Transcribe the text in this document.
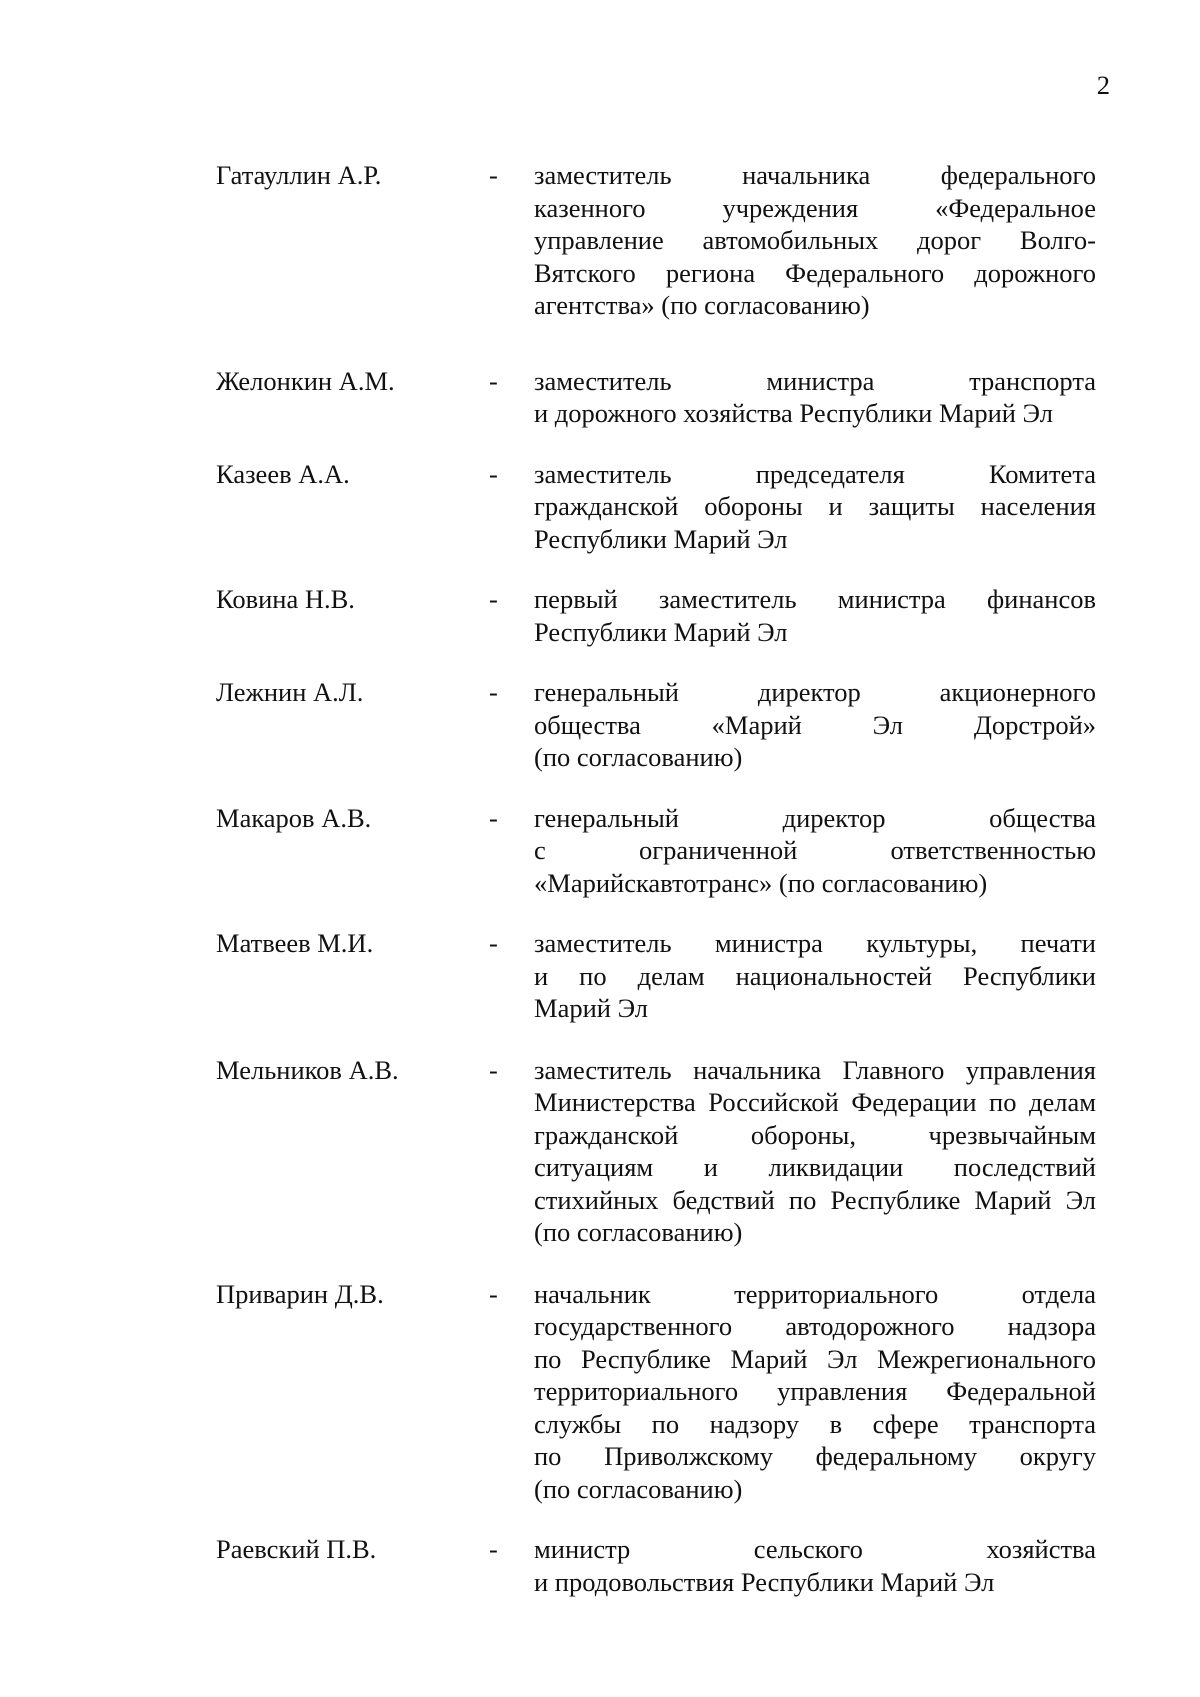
2
Гатауллин А.Р.	-	заместитель начальника федерального
казенного учреждения «Федеральное
управление автомобильных дорог Волго-
Вятского региона Федерального дорожного
агентства» (по согласованию)
Желонкин А.М.	-	заместитель министра транспорта
и дорожного хозяйства Республики Марий Эл
Казеев А.А.	-	заместитель председателя Комитета
гражданской обороны и защиты населения
Республики Марий Эл
Ковина Н.В.	-	первый заместитель министра финансов
Республики Марий Эл
Лежнин А.Л.	-	генеральный директор акционерного
общества «Марий Эл Дорстрой»
(по согласованию)
Макаров А.В.	-	генеральный директор общества
с ограниченной ответственностью
«Марийскавтотранс» (по согласованию)
Матвеев М.И.	-	заместитель министра культуры, печати
и по делам национальностей Республики
Марий Эл
Мельников А.В.	-	заместитель начальника Главного управления
Министерства Российской Федерации по делам
гражданской обороны, чрезвычайным
ситуациям и ликвидации последствий
стихийных бедствий по Республике Марий Эл
(по согласованию)
Приварин Д.В.	-	начальник территориального отдела
государственного автодорожного надзора
по Республике Марий Эл Межрегионального
территориального управления Федеральной
службы по надзору в сфере транспорта
по Приволжскому федеральному округу
(по согласованию)
Раевский П.В.	-	министр сельского хозяйства
и продовольствия Республики Марий Эл
